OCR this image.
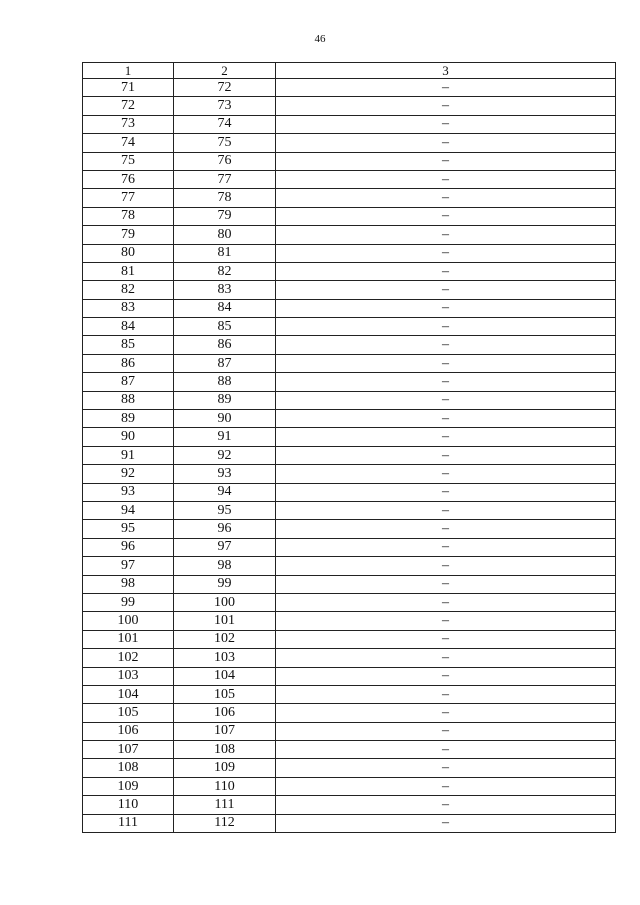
46
1	2	3
71	72	–
72	73	–
73	74	–
74	75	–
75	76	–
76	77	–
77	78	–
78	79	–
79	80	–
80	81	–
81	82	–
82	83	–
83	84	–
84	85	–
85	86	–
86	87	–
87	88	–
88	89	–
89	90	–
90	91	–
91	92	–
92	93	–
93	94	–
94	95	–
95	96	–
96	97	–
97	98	–
98	99	–
99	100	–
100	101	–
101	102	–
102	103	–
103	104	–
104	105	–
105	106	–
106	107	–
107	108	–
108	109	–
109	110	–
110	111	–
111	112	–
